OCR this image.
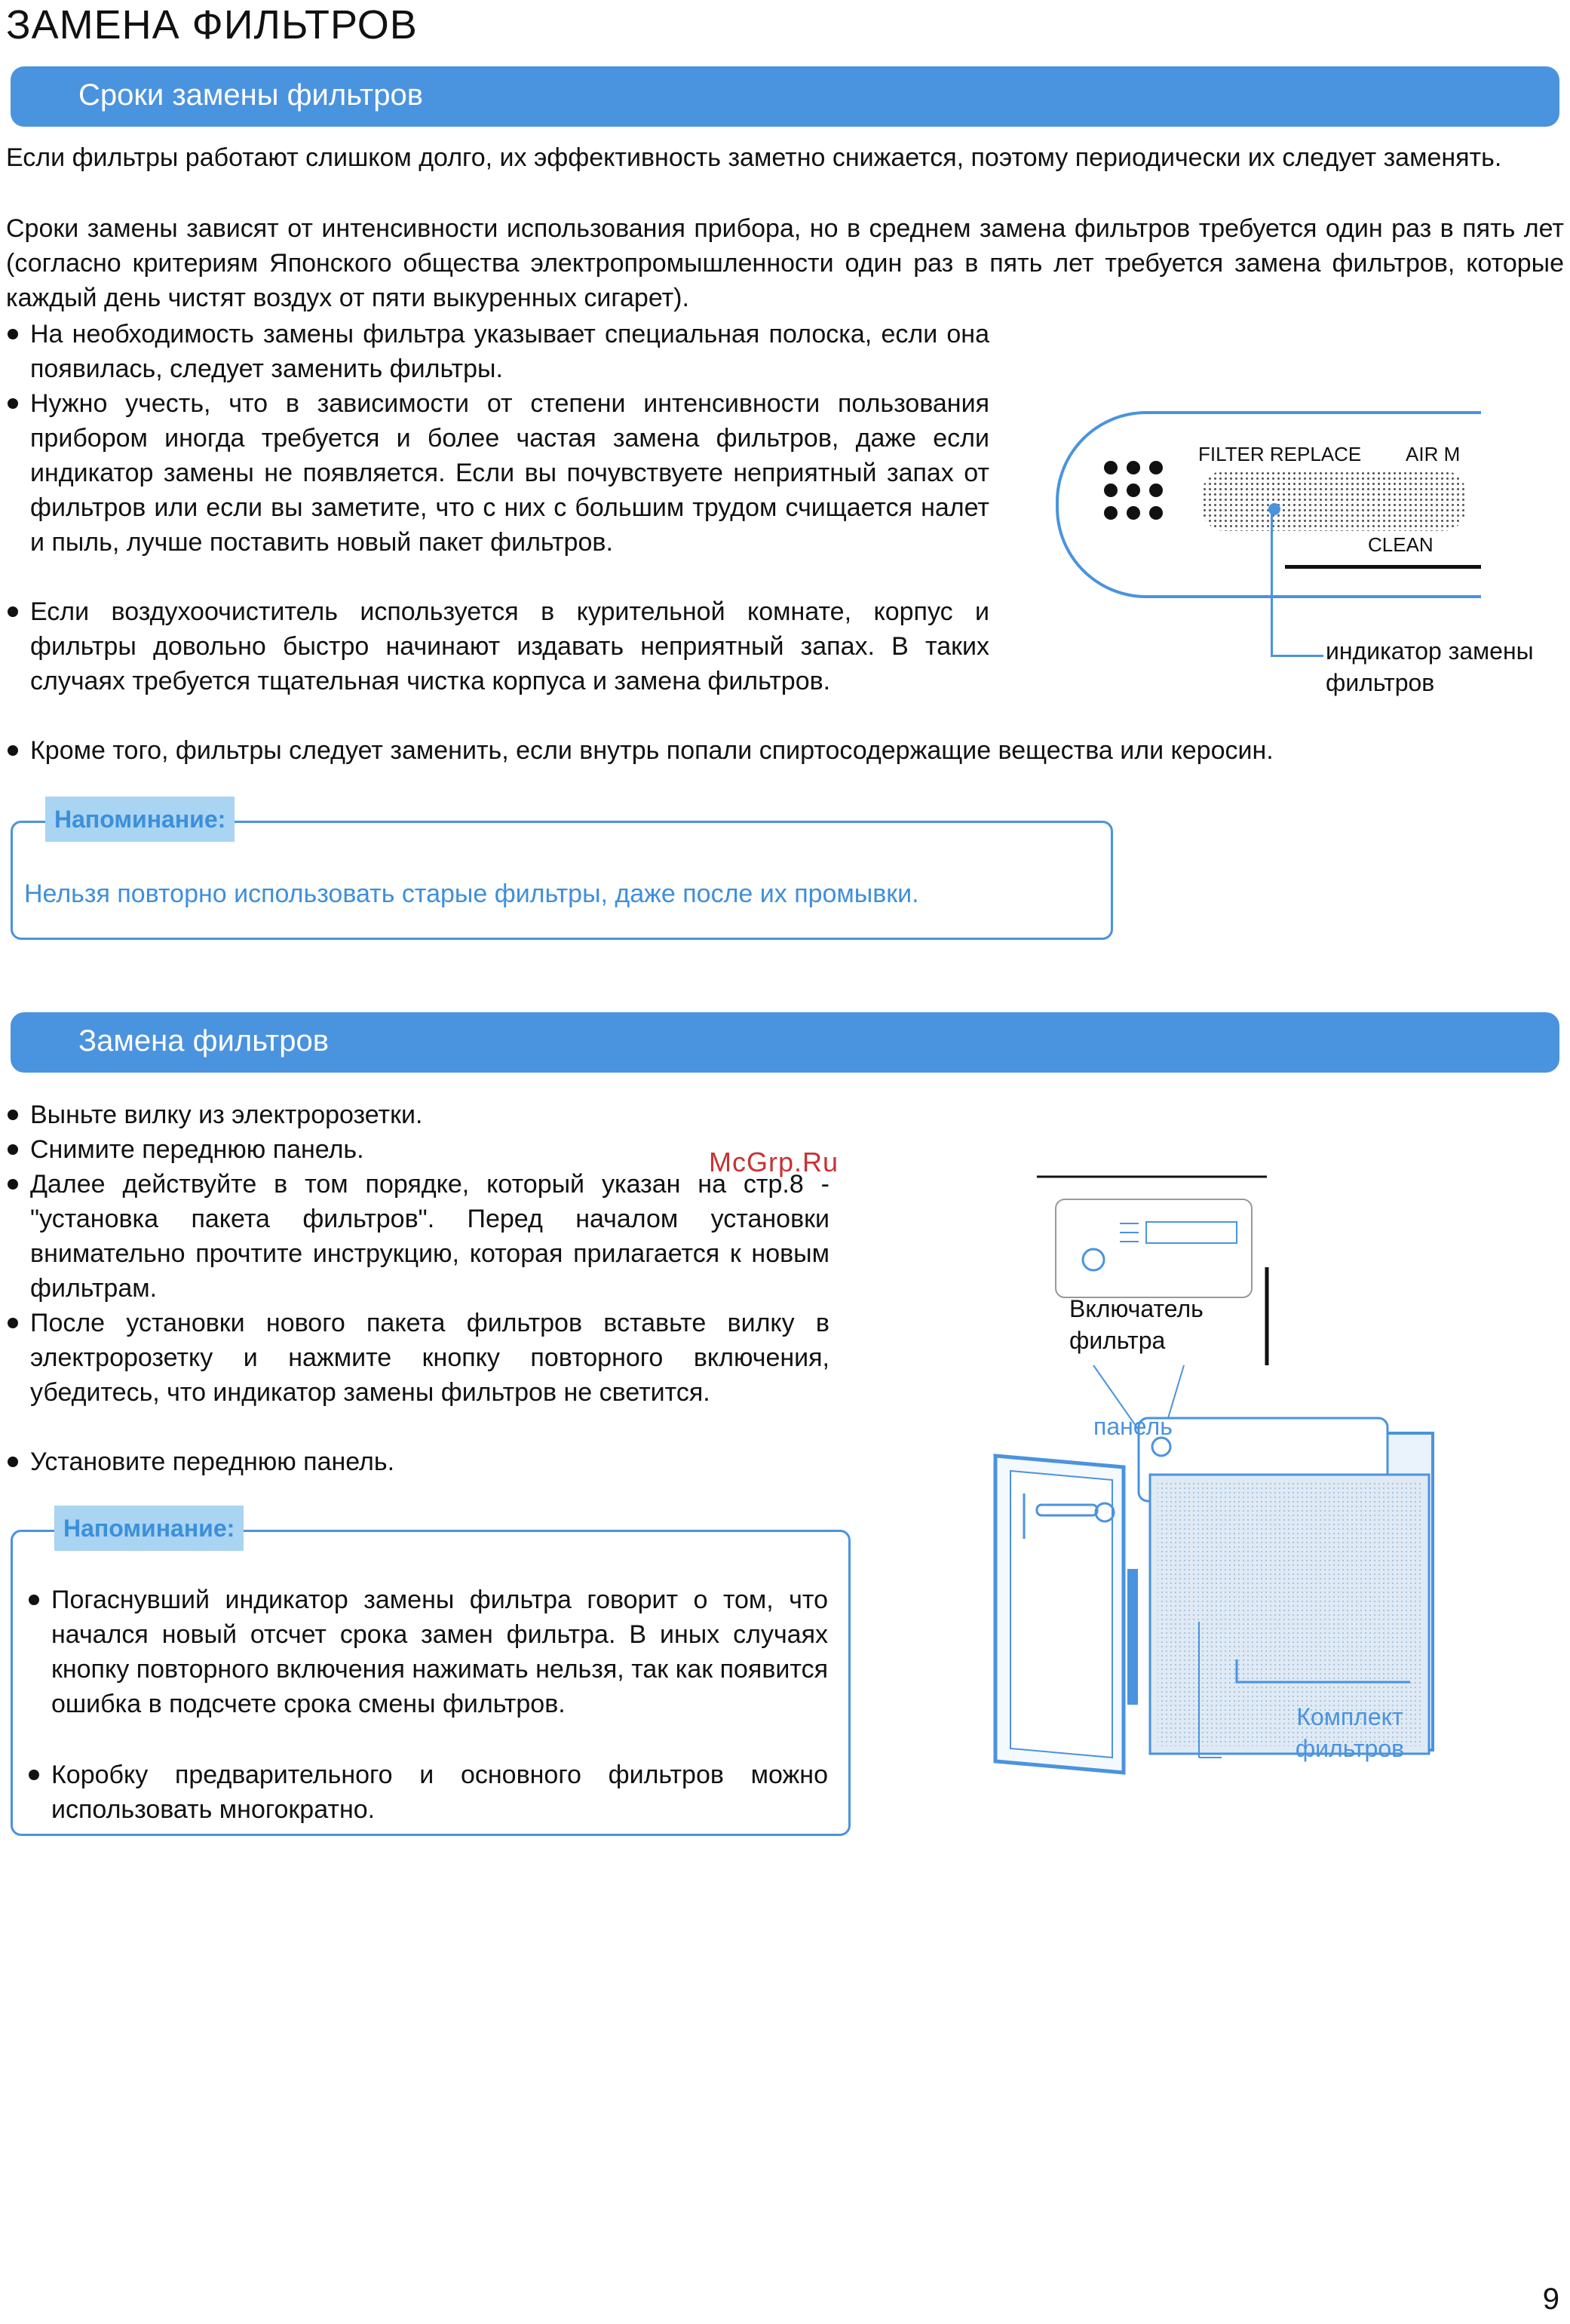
ЗАМЕНА ФИЛЬТРОВ
Сроки замены фильтров
Если фильтры работают слишком долго, их эффективность заметно снижается, поэтому периодически их следует заменять.
Сроки замены зависят от интенсивности использования прибора, но в среднем замена фильтров требуется один раз в пять лет (согласно критериям Японского общества электропромышленности один раз в пять лет требуется замена фильтров, которые каждый день чистят воздух от пяти выкуренных сигарет).
На необходимость замены фильтра указывает специальная полоска, если она появилась, следует заменить фильтры.
Нужно учесть, что в зависимости от степени интенсивности пользования прибором иногда требуется и более частая замена фильтров, даже если индикатор замены не появляется. Если вы почувствуете неприятный запах от фильтров или если вы заметите, что с них с большим трудом счищается налет и пыль, лучше поставить новый пакет фильтров.
Если воздухоочиститель используется в курительной комнате, корпус и фильтры довольно быстро начинают издавать неприятный запах. В таких случаях требуется тщательная чистка корпуса и замена фильтров.
Кроме того, фильтры следует заменить, если внутрь попали спиртосодержащие вещества или керосин.
FILTER REPLACE AIR M
CLEAN
индикатор замены фильтров
Напоминание:
Нельзя повторно использовать старые фильтры, даже после их промывки.
Замена фильтров
Выньте вилку из электророзетки.
Снимите переднюю панель.
Далее действуйте в том порядке, который указан на стр.8 - "установка пакета фильтров". Перед началом установки внимательно прочтите инструкцию, которая прилагается к новым фильтрам.
После установки нового пакета фильтров вставьте вилку в электророзетку и нажмите кнопку повторного включения, убедитесь, что индикатор замены фильтров не светится.
Установите переднюю панель.
McGrp.Ru
Включатель фильтра
панель
Комплект фильтров
Напоминание:
Погаснувший индикатор замены фильтра говорит о том, что начался новый отсчет срока замен фильтра. В иных случаях кнопку повторного включения нажимать нельзя, так как появится ошибка в подсчете срока смены фильтров.
Коробку предварительного и основного фильтров можно использовать многократно.
9
